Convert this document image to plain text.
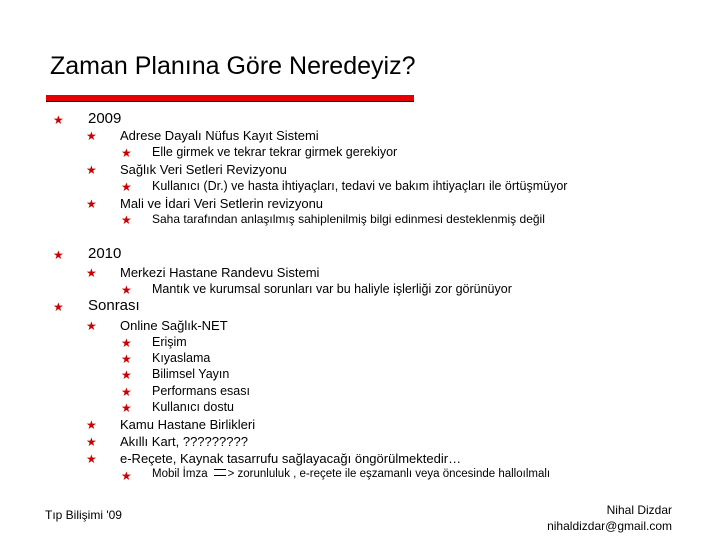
Zaman Planına Göre Neredeyiz?
★ 2009
★ Adrese Dayalı Nüfus Kayıt Sistemi
★ Elle girmek ve tekrar tekrar girmek gerekiyor
★ Sağlık Veri Setleri Revizyonu
★ Kullanıcı (Dr.) ve hasta ihtiyaçları, tedavi ve bakım ihtiyaçları ile örtüşmüyor
★ Mali ve İdari Veri Setlerin revizyonu
★ Saha tarafından anlaşılmış sahiplenilmiş bilgi edinmesi desteklenmiş değil
★ 2010
★ Merkezi Hastane Randevu Sistemi
★ Mantık ve kurumsal sorunları var bu haliyle işlerliği zor görünüyor
★ Sonrası
★ Online Sağlık-NET
★ Erişim
★ Kıyaslama
★ Bilimsel Yayın
★ Performans esası
★ Kullanıcı dostu
★ Kamu Hastane Birlikleri
★ Akıllı Kart, ?????????
★ e-Reçete, Kaynak tasarrufu sağlayacağı öngörülmektedir…
★ Mobil İmza > zorunluluk , e-reçete ile eşzamanlı veya öncesinde halloılmalı
Tıp Bilişimi '09	Nihal Dizdar
nihaldizdar@gmail.com
